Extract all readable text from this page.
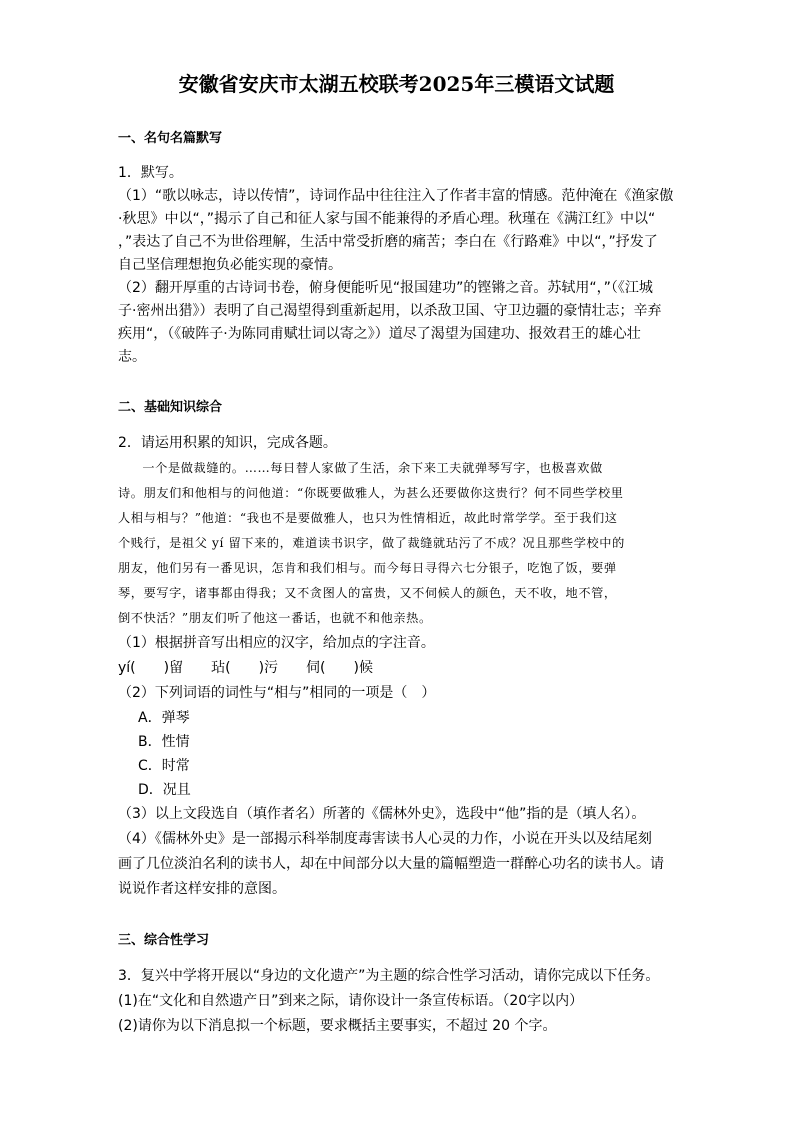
安徽省安庆市太湖五校联考2025年三模语文试题
一、名句名篇默写
1．默写。
（1）“歌以咏志，诗以传情”，诗词作品中往往注入了作者丰富的情感。范仲淹在《渔家傲
·秋思》中以“，”揭示了自己和征人家与国不能兼得的矛盾心理。秋瑾在《满江红》中以“
，”表达了自己不为世俗理解，生活中常受折磨的痛苦；李白在《行路难》中以“，”抒发了
自己坚信理想抱负必能实现的豪情。
（2）翻开厚重的古诗词书卷，俯身便能听见“报国建功”的铿锵之音。苏轼用“，”（《江城
子·密州出猎》）表明了自己渴望得到重新起用，以杀敌卫国、守卫边疆的豪情壮志；辛弃
疾用“，（《破阵子·为陈同甫赋壮词以寄之》）道尽了渴望为国建功、报效君王的雄心壮
志。
二、基础知识综合
2．请运用积累的知识，完成各题。
一个是做裁缝的。……每日替人家做了生活，余下来工夫就弹琴写字，也极喜欢做
诗。朋友们和他相与的问他道：“你既要做雅人，为甚么还要做你这贵行？何不同些学校里
人相与相与？”他道：“我也不是要做雅人，也只为性情相近，故此时常学学。至于我们这
个贱行，是祖父 yí 留下来的，难道读书识字，做了裁缝就玷污了不成？况且那些学校中的
朋友，他们另有一番见识，怎肯和我们相与。而今每日寻得六七分银子，吃饱了饭，要弹
琴，要写字，诸事都由得我；又不贪图人的富贵，又不伺候人的颜色，天不收，地不管，
倒不快活？”朋友们听了他这一番话，也就不和他亲热。
（1）根据拼音写出相应的汉字，给加点的字注音。
yí(　　)留 玷(　　)污 伺(　　)候
（2）下列词语的词性与“相与”相同的一项是（　）
A．弹琴
B．性情
C．时常
D．况且
（3）以上文段选自（填作者名）所著的《儒林外史》，选段中“他”指的是（填人名）。
（4）《儒林外史》是一部揭示科举制度毒害读书人心灵的力作，小说在开头以及结尾刻
画了几位淡泊名利的读书人，却在中间部分以大量的篇幅塑造一群醉心功名的读书人。请
说说作者这样安排的意图。
三、综合性学习
3．复兴中学将开展以“身边的文化遗产”为主题的综合性学习活动，请你完成以下任务。
(1)在“文化和自然遗产日”到来之际，请你设计一条宣传标语。（20字以内）
(2)请你为以下消息拟一个标题，要求概括主要事实，不超过 20 个字。
